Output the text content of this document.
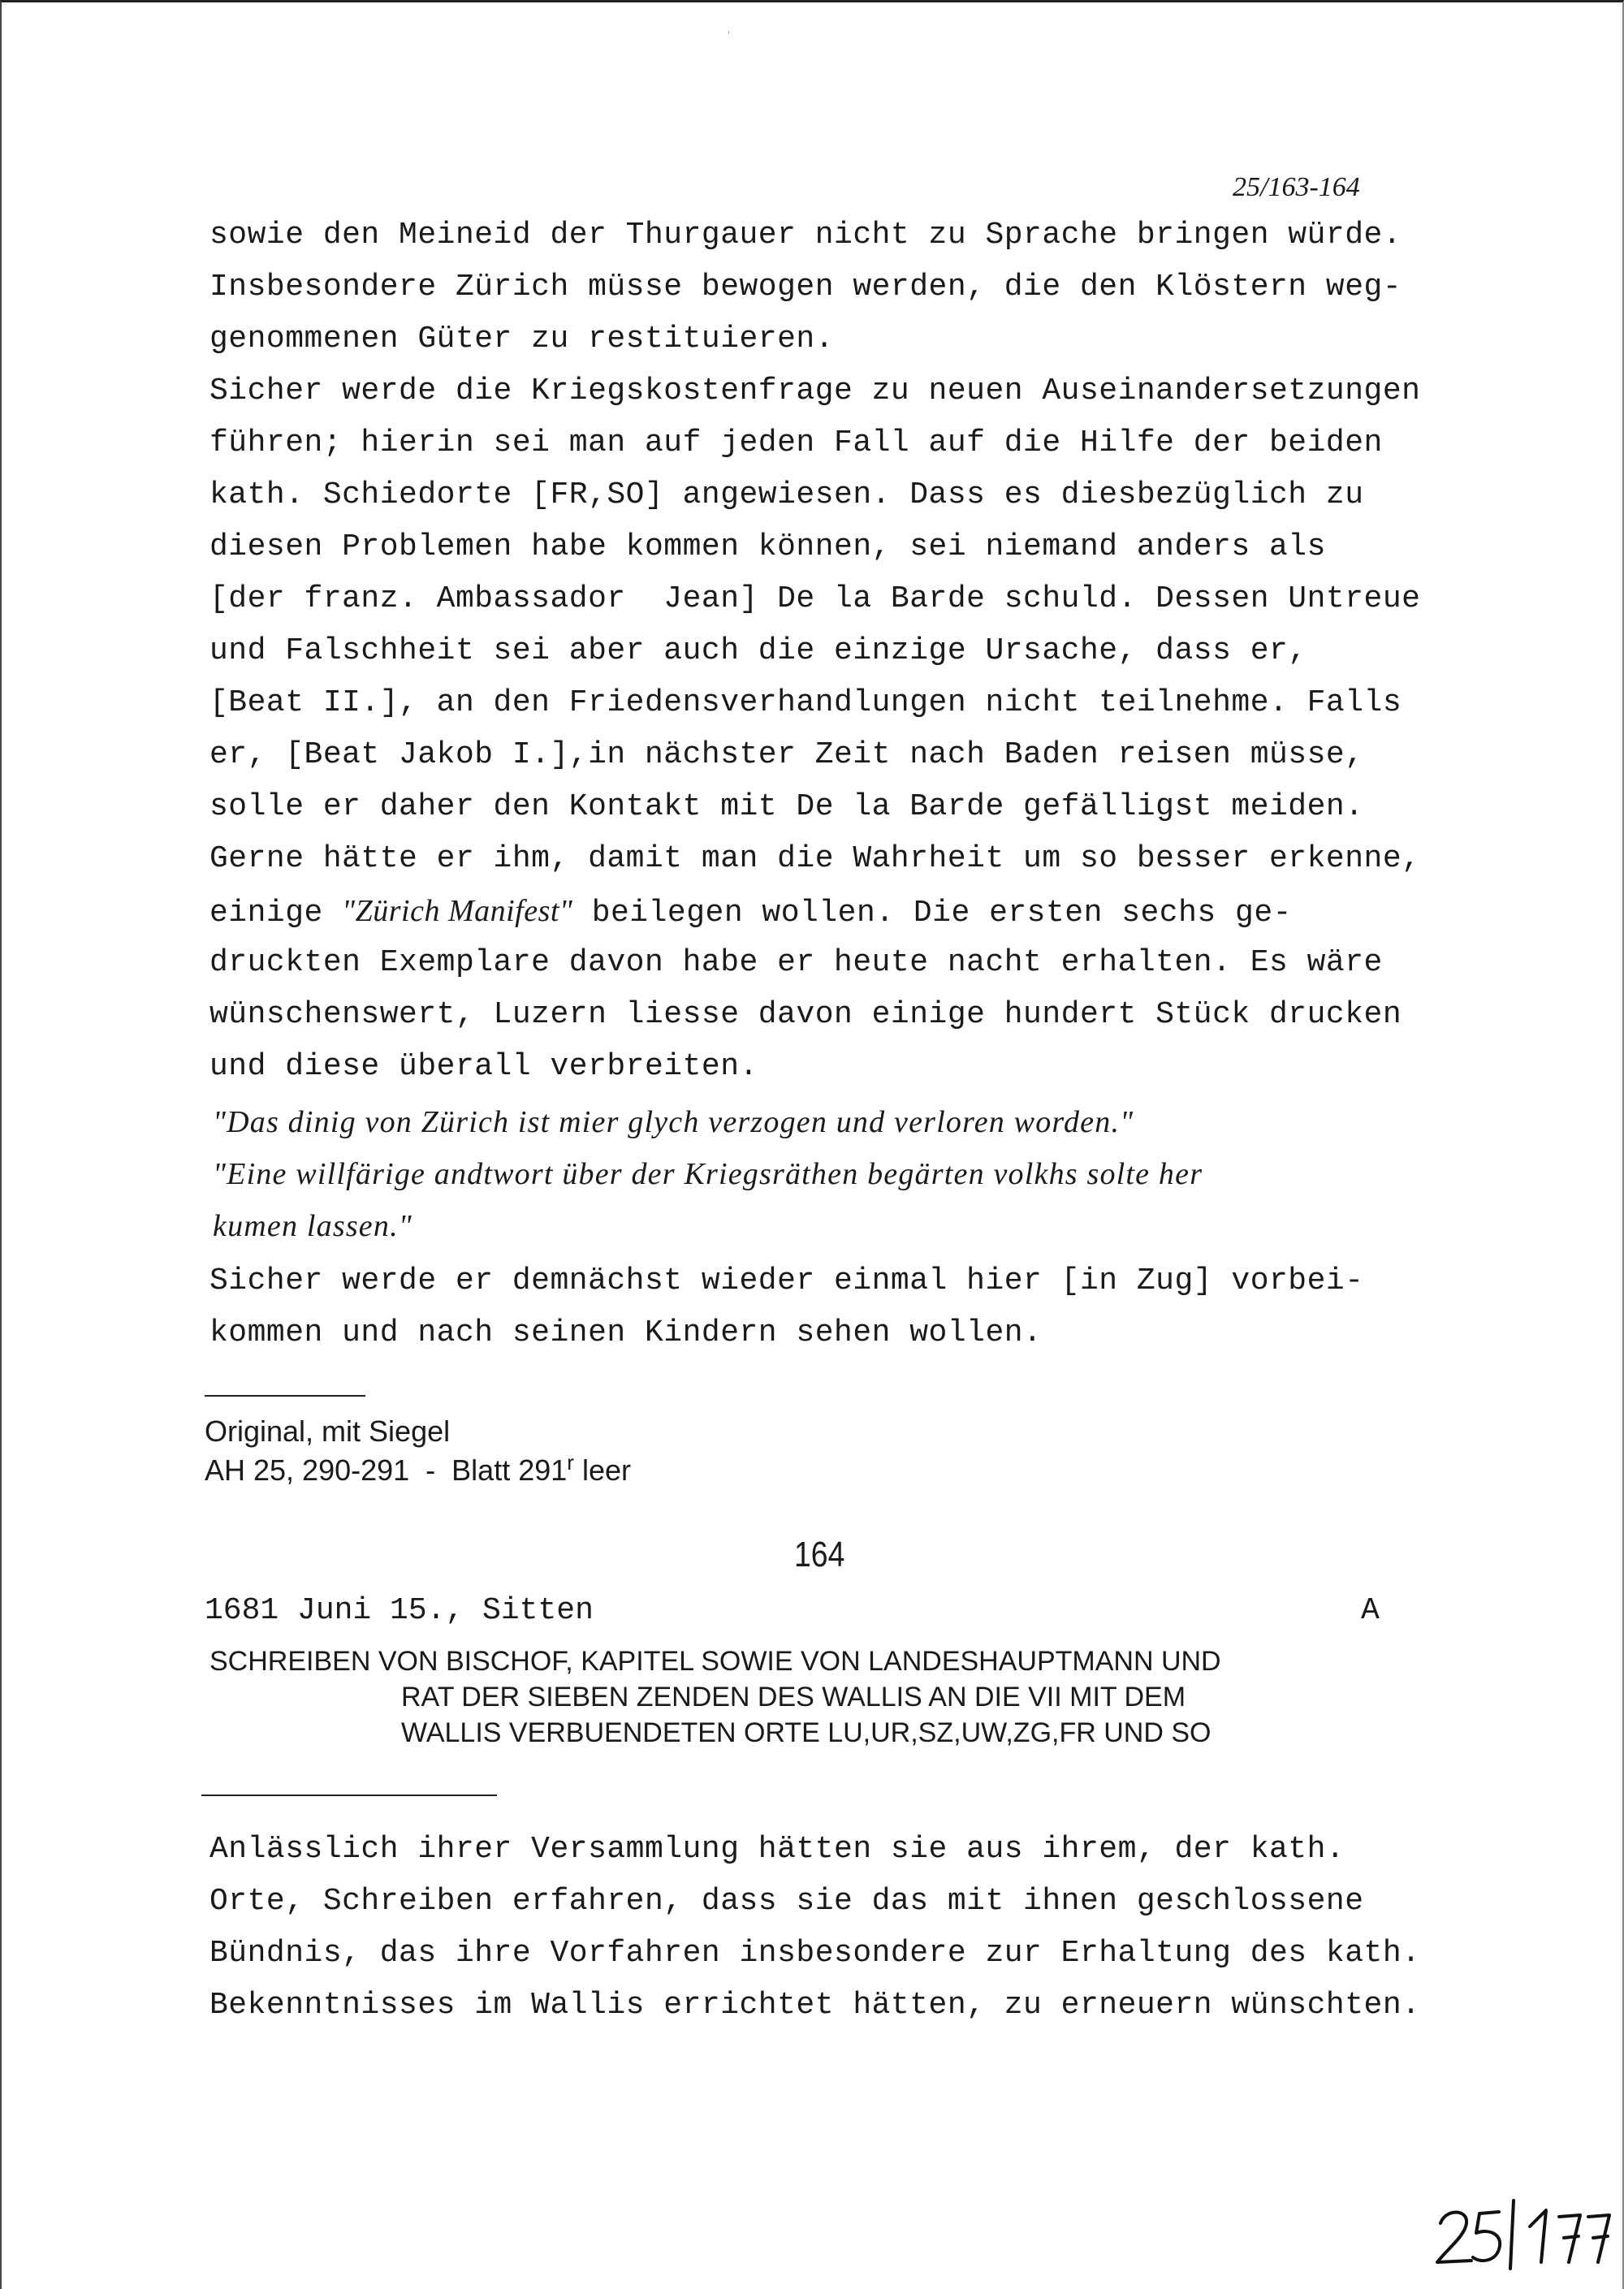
25/163-164
sowie den Meineid der Thurgauer nicht zu Sprache bringen würde.
Insbesondere Zürich müsse bewogen werden, die den Klöstern weg-
genommenen Güter zu restituieren.
Sicher werde die Kriegskostenfrage zu neuen Auseinandersetzungen
führen; hierin sei man auf jeden Fall auf die Hilfe der beiden
kath. Schiedorte [FR,SO] angewiesen. Dass es diesbezüglich zu
diesen Problemen habe kommen können, sei niemand anders als
[der franz. Ambassador  Jean] De la Barde schuld. Dessen Untreue
und Falschheit sei aber auch die einzige Ursache, dass er,
[Beat II.], an den Friedensverhandlungen nicht teilnehme. Falls
er, [Beat Jakob I.],in nächster Zeit nach Baden reisen müsse,
solle er daher den Kontakt mit De la Barde gefälligst meiden.
Gerne hätte er ihm, damit man die Wahrheit um so besser erkenne,
einige "Zürich Manifest" beilegen wollen. Die ersten sechs ge-
druckten Exemplare davon habe er heute nacht erhalten. Es wäre
wünschenswert, Luzern liesse davon einige hundert Stück drucken
und diese überall verbreiten.
"Das dinig von Zürich ist mier glych verzogen und verloren worden."
"Eine willfärige andtwort über der Kriegsräthen begärten volkhs solte her
kumen lassen."
Sicher werde er demnächst wieder einmal hier [in Zug] vorbei-
kommen und nach seinen Kindern sehen wollen.
Original, mit Siegel
AH 25, 290-291  -  Blatt 291$^r$ leer
164
1681 Juni 15., Sitten	A
SCHREIBEN VON BISCHOF, KAPITEL SOWIE VON LANDESHAUPTMANN UND
RAT DER SIEBEN ZENDEN DES WALLIS AN DIE VII MIT DEM
WALLIS VERBUENDETEN ORTE LU,UR,SZ,UW,ZG,FR UND SO
Anlässlich ihrer Versammlung hätten sie aus ihrem, der kath.
Orte, Schreiben erfahren, dass sie das mit ihnen geschlossene
Bündnis, das ihre Vorfahren insbesondere zur Erhaltung des kath.
Bekenntnisses im Wallis errichtet hätten, zu erneuern wünschten.
